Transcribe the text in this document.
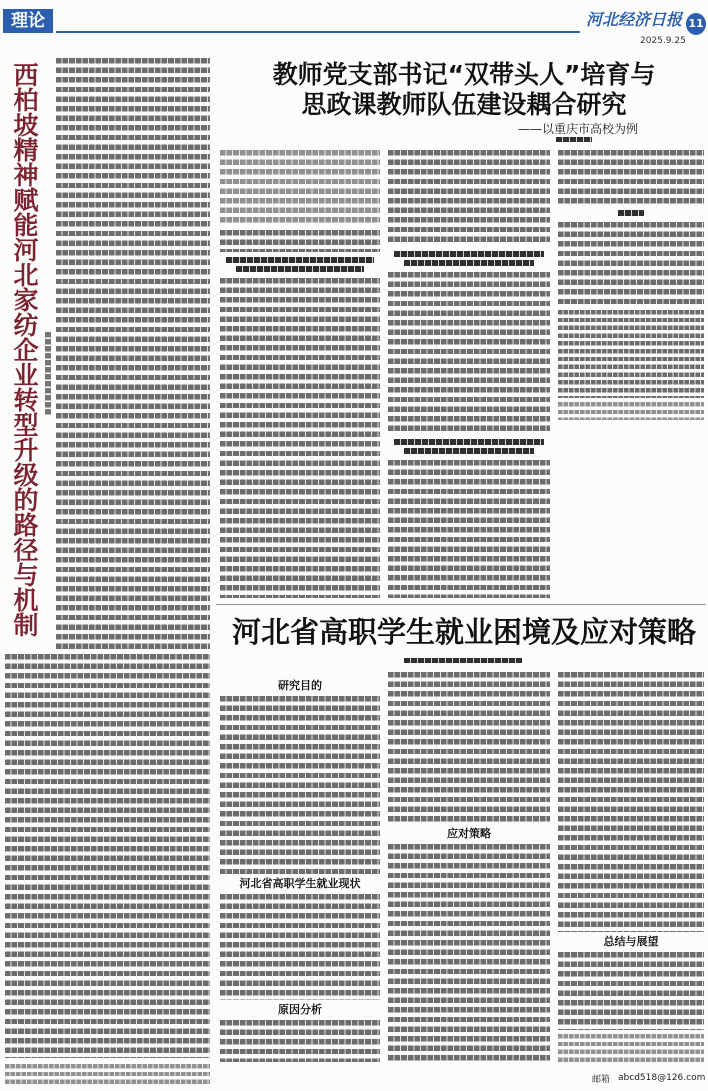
理论	河北经济日报
2025.9.25
11
西柏坡精神赋能河北家纺企业转型升级的路径与机制	教师党支部书记“双带头人”培育与
思政课教师队伍建设耦合研究
——以重庆市高校为例
河北省高职学生就业困境及应对策略
研究目的
河北省高职学生就业现状
原因分析
应对策略
总结与展望
邮箱 abcd518@126.com
